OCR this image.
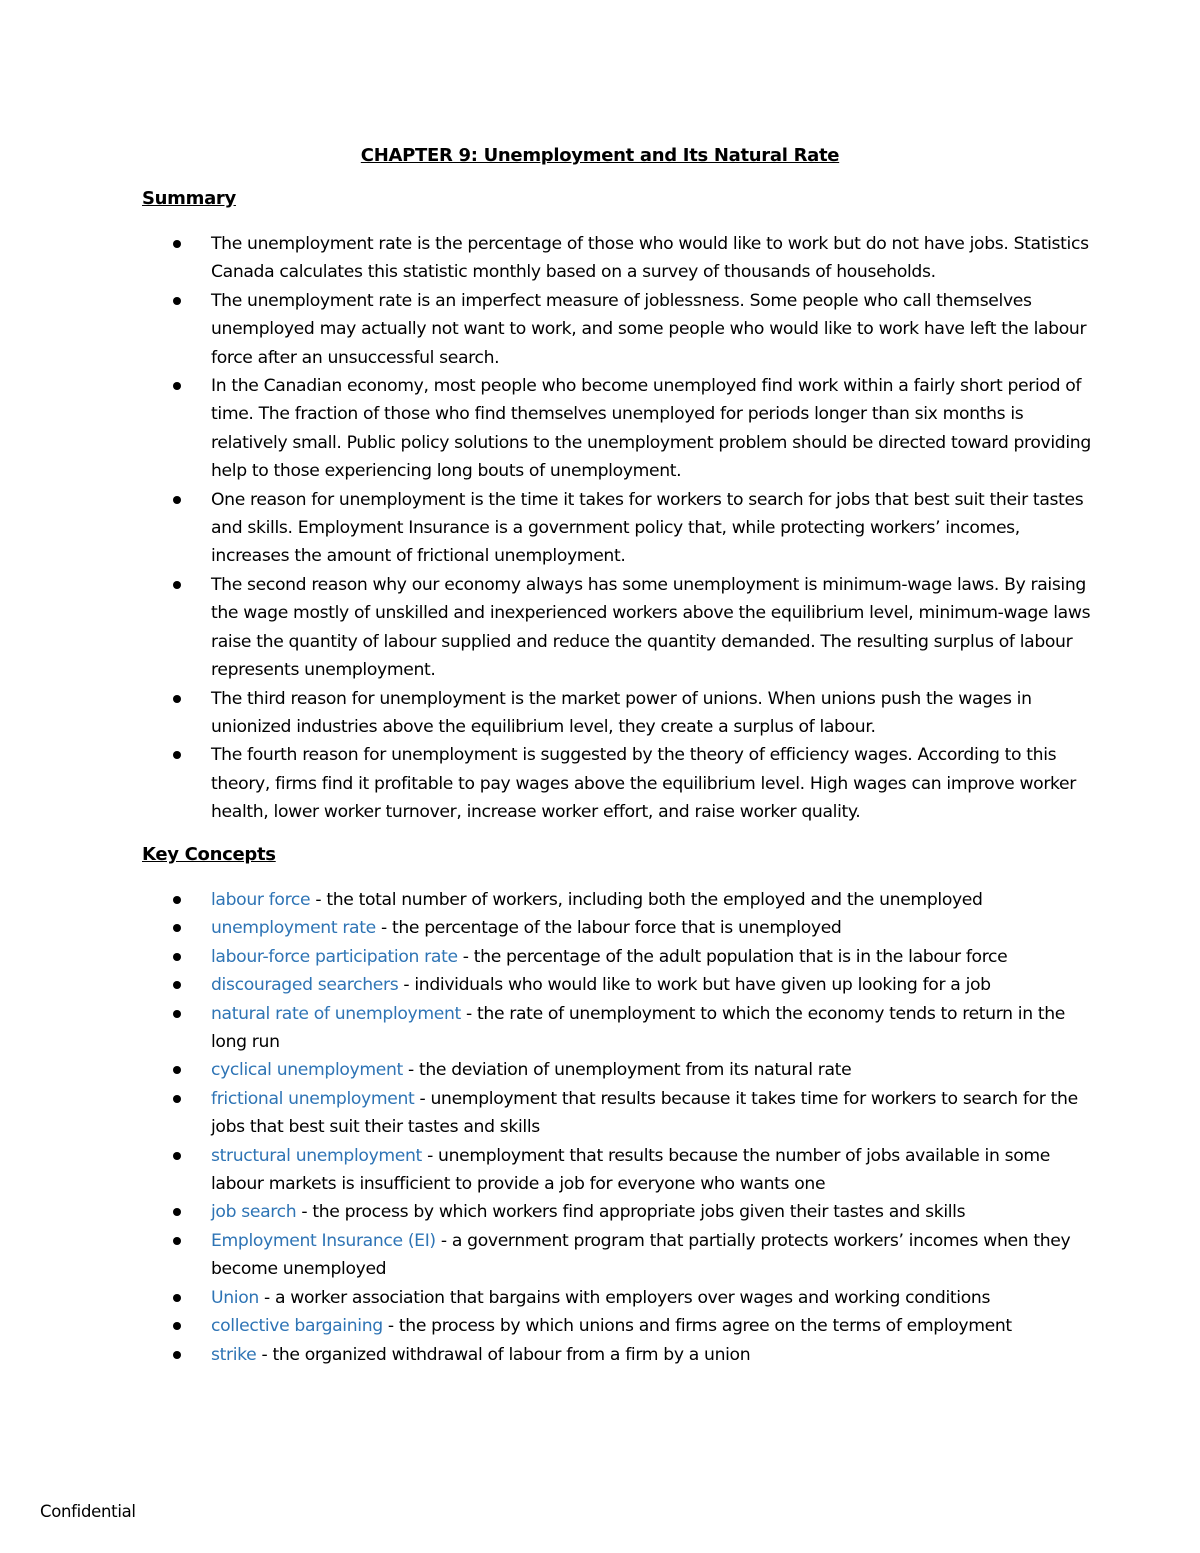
CHAPTER 9: Unemployment and Its Natural Rate
Summary
The unemployment rate is the percentage of those who would like to work but do not have jobs. Statistics Canada calculates this statistic monthly based on a survey of thousands of households.
The unemployment rate is an imperfect measure of joblessness. Some people who call themselves unemployed may actually not want to work, and some people who would like to work have left the labour force after an unsuccessful search.
In the Canadian economy, most people who become unemployed find work within a fairly short period of time. The fraction of those who find themselves unemployed for periods longer than six months is relatively small. Public policy solutions to the unemployment problem should be directed toward providing help to those experiencing long bouts of unemployment.
One reason for unemployment is the time it takes for workers to search for jobs that best suit their tastes and skills. Employment Insurance is a government policy that, while protecting workers’ incomes, increases the amount of frictional unemployment.
The second reason why our economy always has some unemployment is minimum-wage laws. By raising the wage mostly of unskilled and inexperienced workers above the equilibrium level, minimum-wage laws raise the quantity of labour supplied and reduce the quantity demanded. The resulting surplus of labour represents unemployment.
The third reason for unemployment is the market power of unions. When unions push the wages in unionized industries above the equilibrium level, they create a surplus of labour.
The fourth reason for unemployment is suggested by the theory of efficiency wages. According to this theory, firms find it profitable to pay wages above the equilibrium level. High wages can improve worker health, lower worker turnover, increase worker effort, and raise worker quality.
Key Concepts
labour force - the total number of workers, including both the employed and the unemployed
unemployment rate - the percentage of the labour force that is unemployed
labour-force participation rate - the percentage of the adult population that is in the labour force
discouraged searchers - individuals who would like to work but have given up looking for a job
natural rate of unemployment - the rate of unemployment to which the economy tends to return in the long run
cyclical unemployment - the deviation of unemployment from its natural rate
frictional unemployment - unemployment that results because it takes time for workers to search for the jobs that best suit their tastes and skills
structural unemployment - unemployment that results because the number of jobs available in some labour markets is insufficient to provide a job for everyone who wants one
job search - the process by which workers find appropriate jobs given their tastes and skills
Employment Insurance (EI) - a government program that partially protects workers’ incomes when they become unemployed
Union - a worker association that bargains with employers over wages and working conditions
collective bargaining - the process by which unions and firms agree on the terms of employment
strike - the organized withdrawal of labour from a firm by a union
Confidential
